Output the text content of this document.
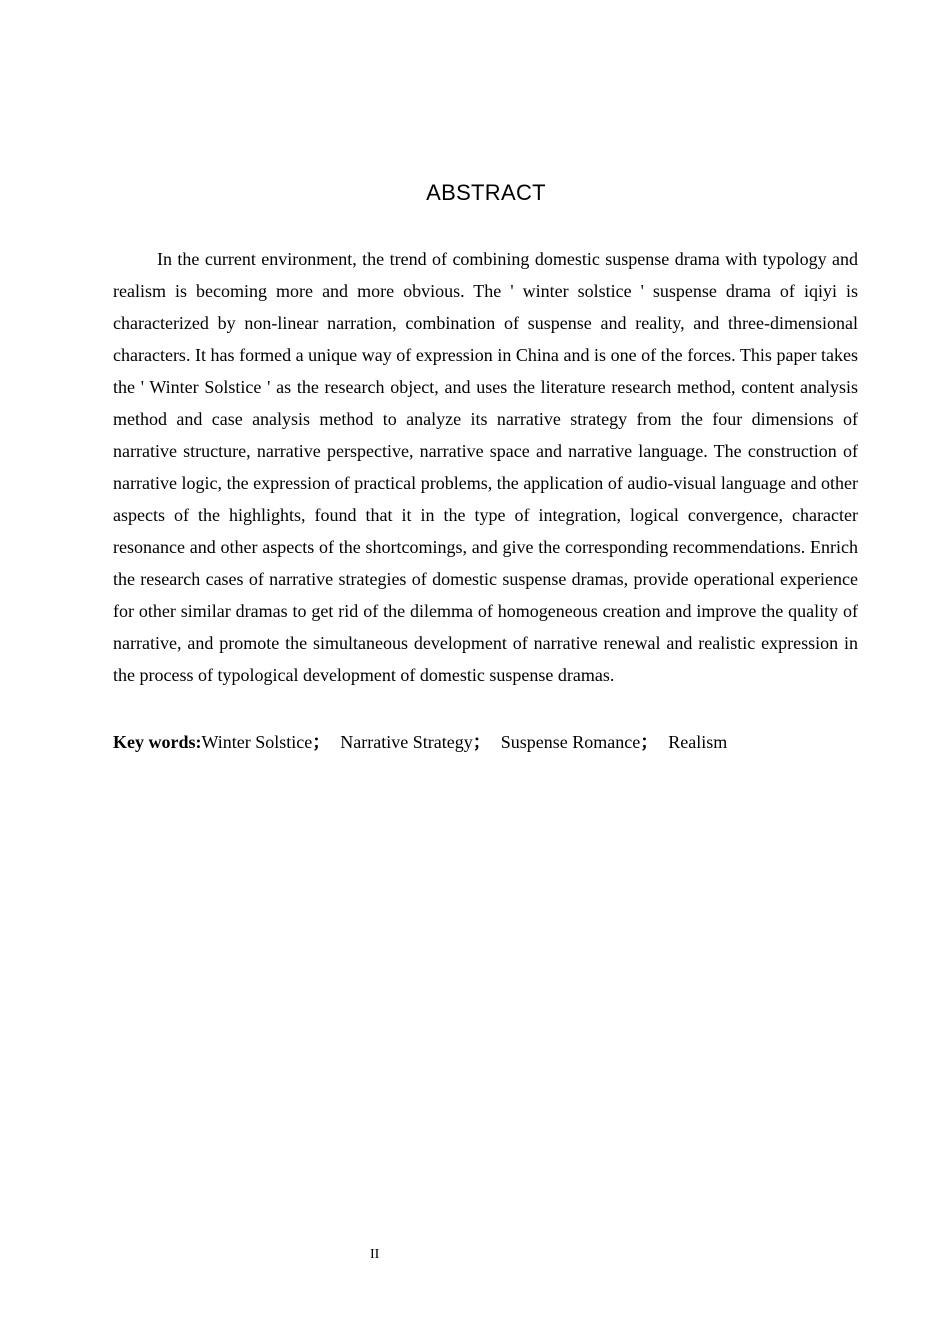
ABSTRACT

In the current environment, the trend of combining domestic suspense drama with typology and realism is becoming more and more obvious. The ' winter solstice ' suspense drama of iqiyi is characterized by non-linear narration, combination of suspense and reality, and three-dimensional characters. It has formed a unique way of expression in China and is one of the forces. This paper takes the ' Winter Solstice ' as the research object, and uses the literature research method, content analysis method and case analysis method to analyze its narrative strategy from the four dimensions of narrative structure, narrative perspective, narrative space and narrative language. The construction of narrative logic, the expression of practical problems, the application of audio-visual language and other aspects of the highlights, found that it in the type of integration, logical convergence, character resonance and other aspects of the shortcomings, and give the corresponding recommendations. Enrich the research cases of narrative strategies of domestic suspense dramas, provide operational experience for other similar dramas to get rid of the dilemma of homogeneous creation and improve the quality of narrative, and promote the simultaneous development of narrative renewal and realistic expression in the process of typological development of domestic suspense dramas.

Key words:Winter Solstice； Narrative Strategy； Suspense Romance； Realism

II
